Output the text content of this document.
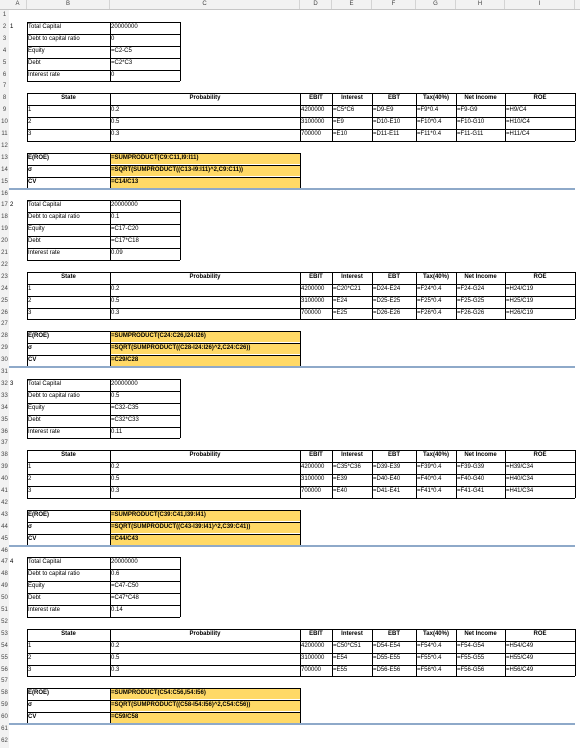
A	B	C	D	E	F	G	H	I
1
2
3
4
5
6
7
8
9
10
11
12
13
14
15
16
17
18
19
20
21
22
23
24
25
26
27
28
29
30
31
32
33
34
35
36
37
38
39
40
41
42
43
44
45
46
47
48
49
50
51
52
53
54
55
56
57
58
59
60
61
62
1	Total Capital	20000000
Debt to capital ratio	0
Equity	=C2-C5
Debt	=C2*C3
Interest rate	0
State	Probability	EBIT	Interest	EBT	Tax(40%)	Net Income	ROE
1	0.2	4200000	=C5*C6	=D9-E9	=F9*0.4	=F9-G9	=H9/C4
2	0.5	3100000	=E9	=D10-E10	=F10*0.4	=F10-G10	=H10/C4
3	0.3	700000	=E10	=D11-E11	=F11*0.4	=F11-G11	=H11/C4
E(ROE)	=SUMPRODUCT(C9:C11,I9:I11)
σ	=SQRT(SUMPRODUCT((C13-I9:I11)^2,C9:C11))
CV	=C14/C13
2	Total Capital	20000000
Debt to capital ratio	0.1
Equity	=C17-C20
Debt	=C17*C18
Interest rate	0.09
State	Probability	EBIT	Interest	EBT	Tax(40%)	Net Income	ROE
1	0.2	4200000	=C20*C21	=D24-E24	=F24*0.4	=F24-G24	=H24/C19
2	0.5	3100000	=E24	=D25-E25	=F25*0.4	=F25-G25	=H25/C19
3	0.3	700000	=E25	=D26-E26	=F26*0.4	=F26-G26	=H26/C19
E(ROE)	=SUMPRODUCT(C24:C26,I24:I26)
σ	=SQRT(SUMPRODUCT((C28-I24:I26)^2,C24:C26))
CV	=C29/C28
3	Total Capital	20000000
Debt to capital ratio	0.5
Equity	=C32-C35
Debt	=C32*C33
Interest rate	0.11
State	Probability	EBIT	Interest	EBT	Tax(40%)	Net Income	ROE
1	0.2	4200000	=C35*C36	=D39-E39	=F39*0.4	=F39-G39	=H39/C34
2	0.5	3100000	=E39	=D40-E40	=F40*0.4	=F40-G40	=H40/C34
3	0.3	700000	=E40	=D41-E41	=F41*0.4	=F41-G41	=H41/C34
E(ROE)	=SUMPRODUCT(C39:C41,I39:I41)
σ	=SQRT(SUMPRODUCT((C43-I39:I41)^2,C39:C41))
CV	=C44/C43
4	Total Capital	20000000
Debt to capital ratio	0.6
Equity	=C47-C50
Debt	=C47*C48
Interest rate	0.14
State	Probability	EBIT	Interest	EBT	Tax(40%)	Net Income	ROE
1	0.2	4200000	=C50*C51	=D54-E54	=F54*0.4	=F54-G54	=H54/C49
2	0.5	3100000	=E54	=D55-E55	=F55*0.4	=F55-G55	=H55/C49
3	0.3	700000	=E55	=D56-E56	=F56*0.4	=F56-G56	=H56/C49
E(ROE)	=SUMPRODUCT(C54:C56,I54:I56)
σ	=SQRT(SUMPRODUCT((C58-I54:I56)^2,C54:C56))
CV	=C59/C58
